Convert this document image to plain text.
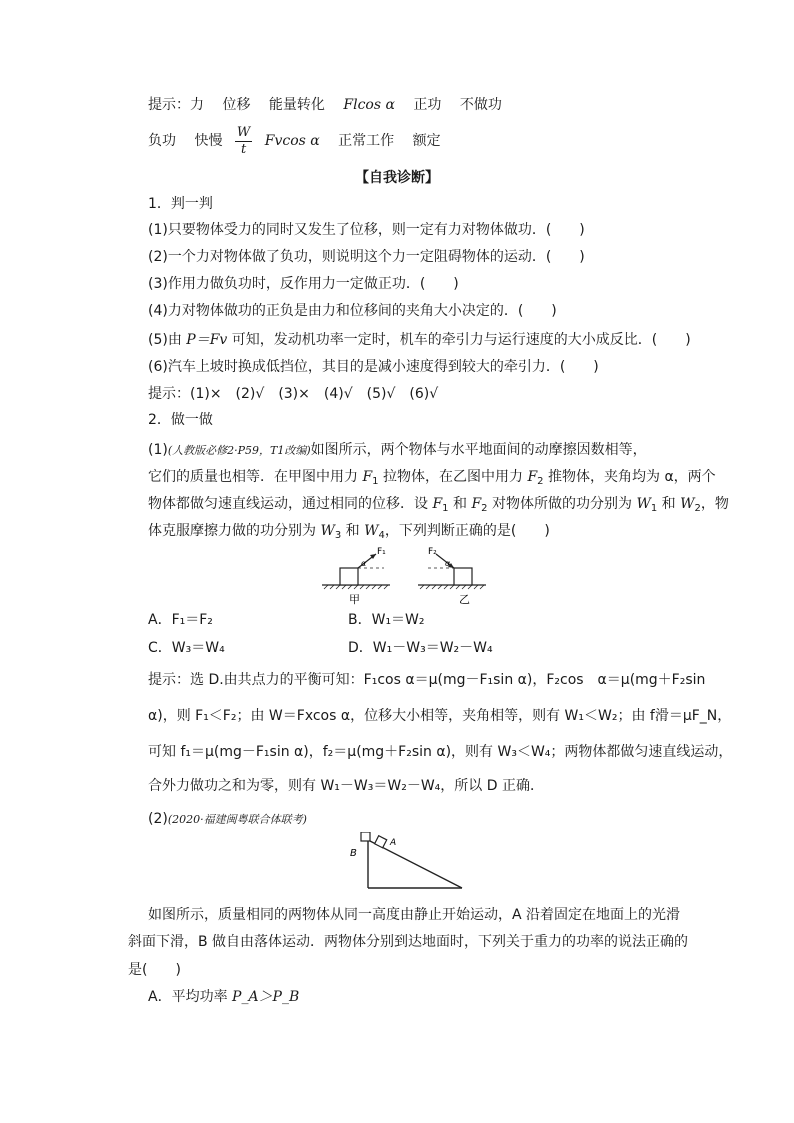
提示：力 位移 能量转化 Flcos α 正功 不做功
负功 快慢 $\frac{W}{t}$ Fvcos α 正常工作 额定
【自我诊断】
1．判一判
(1)只要物体受力的同时又发生了位移，则一定有力对物体做功．(　　)
(2)一个力对物体做了负功，则说明这个力一定阻碍物体的运动．(　　)
(3)作用力做负功时，反作用力一定做正功．(　　)
(4)力对物体做功的正负是由力和位移间的夹角大小决定的．(　　)
(5)由 P＝Fv 可知，发动机功率一定时，机车的牵引力与运行速度的大小成反比．(　　)
(6)汽车上坡时换成低挡位，其目的是减小速度得到较大的牵引力．(　　)
提示：(1)×　(2)√　(3)×　(4)√　(5)√　(6)√
2．做一做
(1)(人教版必修2·P59，T1改编)如图所示，两个物体与水平地面间的动摩擦因数相等，
它们的质量也相等．在甲图中用力 $F_1$ 拉物体，在乙图中用力 $F_2$ 推物体，夹角均为 α，两个
物体都做匀速直线运动，通过相同的位移．设 $F_1$ 和 $F_2$ 对物体所做的功分别为 $W_1$ 和 $W_2$，物
体克服摩擦力做的功分别为 $W_3$ 和 $W_4$，下列判断正确的是(　　)
F₁
α
甲
F₂
α
乙
A．F₁＝F₂	B．W₁＝W₂
C．W₃＝W₄	D．W₁－W₃＝W₂－W₄
提示：选 D.由共点力的平衡可知：F₁cos α＝μ(mg－F₁sin α)，F₂cos　α＝μ(mg＋F₂sin
α)，则 F₁＜F₂；由 W＝Fxcos α，位移大小相等，夹角相等，则有 W₁＜W₂；由 f滑＝μF_N，
可知 f₁＝μ(mg－F₁sin α)，f₂＝μ(mg＋F₂sin α)，则有 W₃＜W₄；两物体都做匀速直线运动，
合外力做功之和为零，则有 W₁－W₃＝W₂－W₄，所以 D 正确．
(2)(2020·福建闽粤联合体联考)
B
A
如图所示，质量相同的两物体从同一高度由静止开始运动，A 沿着固定在地面上的光滑
斜面下滑，B 做自由落体运动．两物体分别到达地面时，下列关于重力的功率的说法正确的
是(　　)
A．平均功率 P_A＞P_B
